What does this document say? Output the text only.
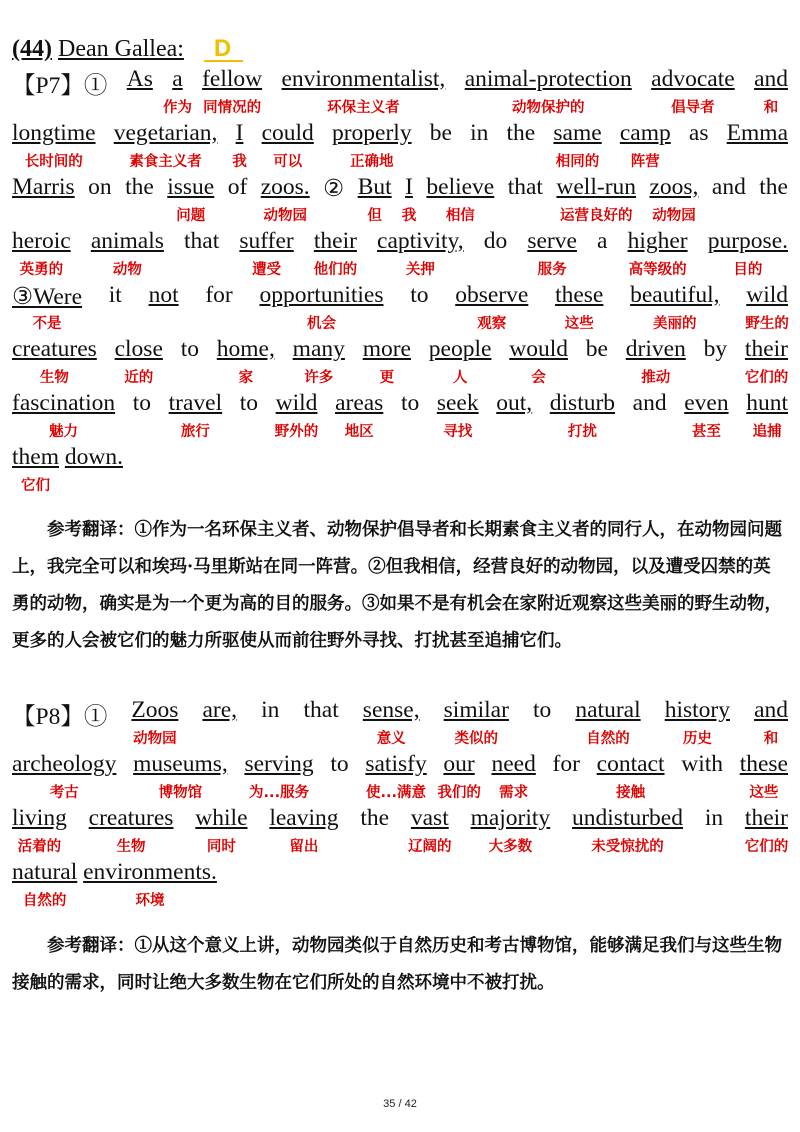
(44) Dean Gallea: D
【P7】① As a
作为
fellow
同情况的
environmentalist,
环保主义者
animal-protection
动物保护的
advocate
倡导者
and
和
longtime
长时间的
vegetarian,
素食主义者
I
我
could
可以
properly
正确地
be in the same
相同的
camp
阵营
as Emma
Marris on the issue
问题
of zoos.
动物园
② But
但
I
我
believe
相信
that well-run
运营良好的
zoos,
动物园
and the
heroic
英勇的
animals
动物
that suffer
遭受
their
他们的
captivity,
关押
do serve
服务
a higher
高等级的
purpose.
目的
③Were
不是
it not for opportunities
机会
to observe
观察
these
这些
beautiful,
美丽的
wild
野生的
creatures
生物
close
近的
to home,
家
many
许多
more
更
people
人
would
会
be driven
推动
by their
它们的
fascination
魅力
to travel
旅行
to wild
野外的
areas
地区
to seek
寻找
out, disturb
打扰
and even
甚至
hunt
追捕
them
它们
down.

参考翻译：①作为一名环保主义者、动物保护倡导者和长期素食主义者的同行人，在动物园问题上，我完全可以和埃玛·马里斯站在同一阵营。②但我相信，经营良好的动物园，以及遭受囚禁的英勇的动物，确实是为一个更为高的目的服务。③如果不是有机会在家附近观察这些美丽的野生动物，更多的人会被它们的魅力所驱使从而前往野外寻找、打扰甚至追捕它们。

【P8】① Zoos
动物园
are, in that sense,
意义
similar
类似的
to natural
自然的
history
历史
and
和
archeology
考古
museums,
博物馆
serving
为...服务
to satisfy
使...满意
our
我们的
need
需求
for contact
接触
with these
这些
living
活着的
creatures
生物
while
同时
leaving
留出
the vast
辽阔的
majority
大多数
undisturbed
未受惊扰的
in their
它们的
natural
自然的
environments.
环境

参考翻译：①从这个意义上讲，动物园类似于自然历史和考古博物馆，能够满足我们与这些生物接触的需求，同时让绝大多数生物在它们所处的自然环境中不被打扰。

35 / 42
